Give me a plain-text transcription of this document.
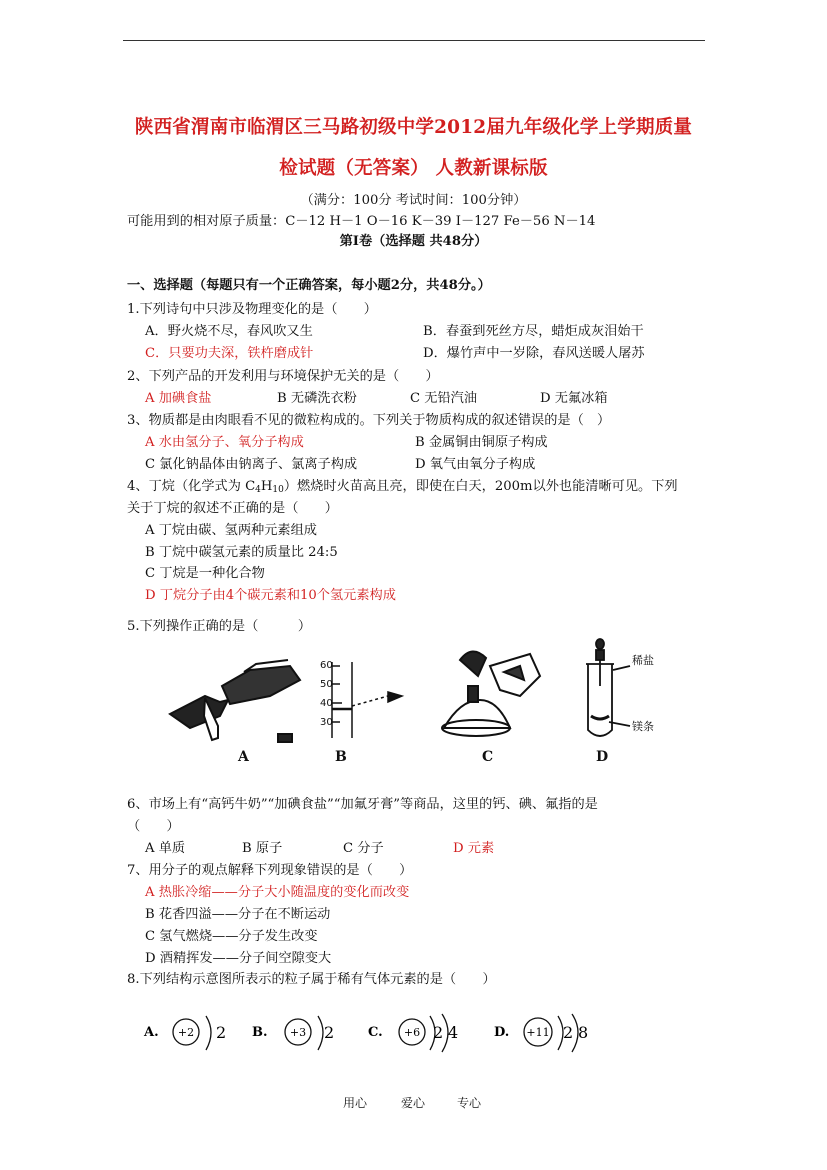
陕西省渭南市临渭区三马路初级中学2012届九年级化学上学期质量
检试题（无答案） 人教新课标版
（满分：100分 考试时间：100分钟）
可能用到的相对原子质量：C－12 H－1 O－16 K－39 I－127 Fe－56 N－14
第Ⅰ卷（选择题 共48分）
一、选择题（每题只有一个正确答案，每小题2分，共48分。）
1.下列诗句中只涉及物理变化的是（　　）
A．野火烧不尽，春风吹又生	B．春蚕到死丝方尽，蜡炬成灰泪始干
C．只要功夫深，铁杵磨成针	D．爆竹声中一岁除，春风送暖人屠苏
2、下列产品的开发利用与环境保护无关的是（　　）
A 加碘食盐	B 无磷洗衣粉	C 无铅汽油	D 无氟冰箱
3、物质都是由肉眼看不见的微粒构成的。下列关于物质构成的叙述错误的是（　）
A 水由氢分子、氧分子构成	B 金属铜由铜原子构成
C 氯化钠晶体由钠离子、氯离子构成	D 氧气由氧分子构成
4、丁烷（化学式为 $C_4H_{10}$）燃烧时火苗高且亮，即使在白天，200m以外也能清晰可见。下列
关于丁烷的叙述不正确的是（　　）
A 丁烷由碳、氢两种元素组成
B 丁烷中碳氢元素的质量比 24:5
C 丁烷是一种化合物
D 丁烷分子由4个碳元素和10个氢元素构成
5.下列操作正确的是（　　　）
60
50
40
30
稀盐
镁条
A	B	C	D
6、市场上有“高钙牛奶”“加碘食盐”“加氟牙膏”等商品，这里的钙、碘、氟指的是
（　　）
A 单质	B 原子	C 分子	D 元素
7、用分子的观点解释下列现象错误的是（　　）
A 热胀冷缩——分子大小随温度的变化而改变
B 花香四溢——分子在不断运动
C 氢气燃烧——分子发生改变
D 酒精挥发——分子间空隙变大
8.下列结构示意图所表示的粒子属于稀有气体元素的是（　　）
A. +2 2 B. +3 2	C. +6 2 4	D. +11 2 8
用心	爱心	专心
